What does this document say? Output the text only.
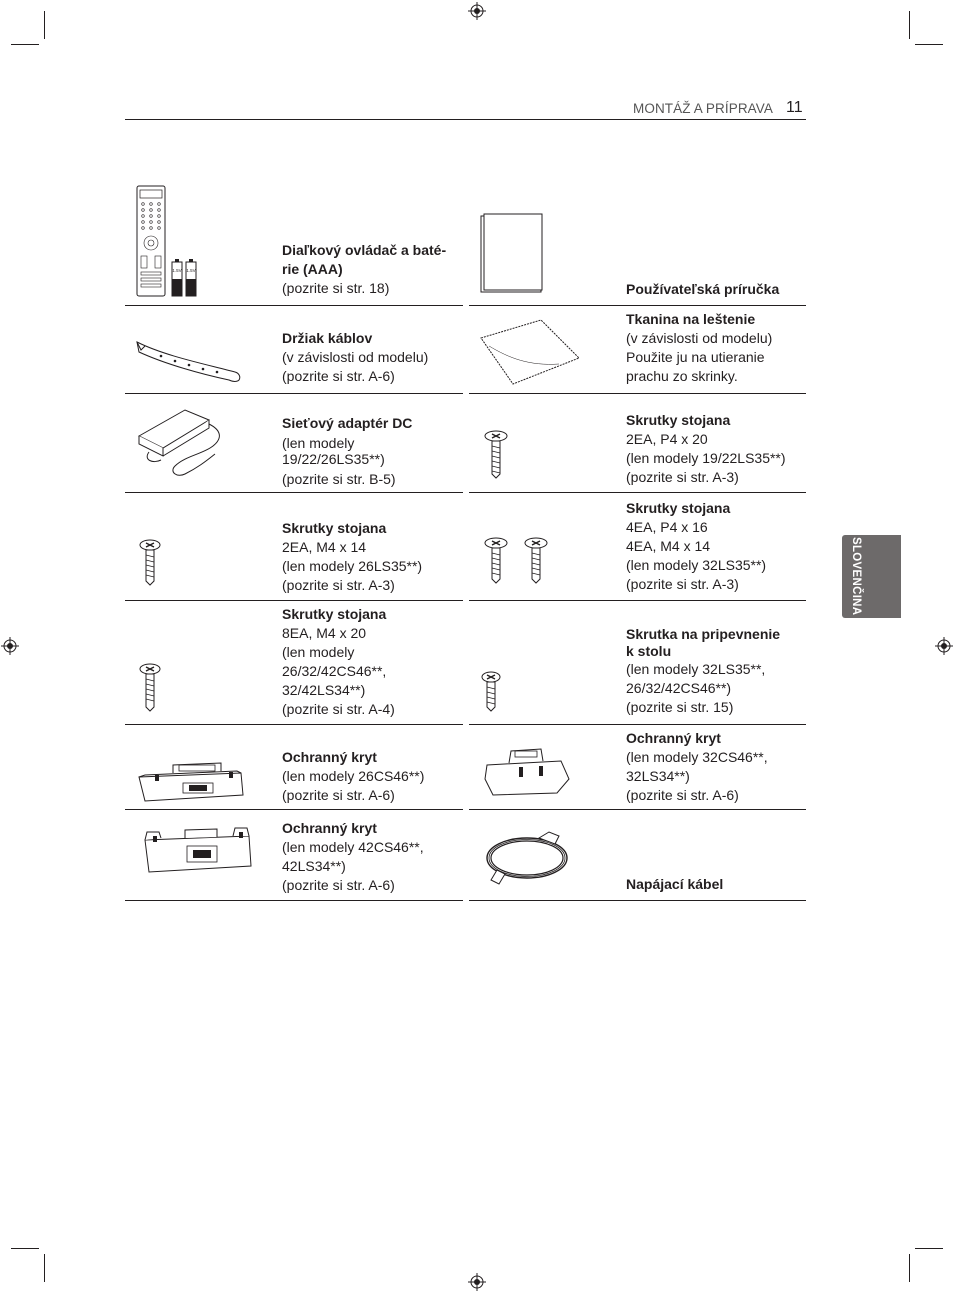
MONTÁŽ A PRÍPRAVA 11
SLOVENČINA
1.5V 1.5V
Diaľkový ovládač a baté-
rie (AAA)
(pozrite si str. 18)	Používateľská príručka
Držiak káblov
(v závislosti od modelu)
(pozrite si str. A-6)
Tkanina na leštenie
(v závislosti od modelu)
Použite ju na utieranie
prachu zo skrinky.
Sieťový adaptér DC
(len modely
19/22/26LS35**)
(pozrite si str. B-5)
Skrutky stojana
2EA, P4 x 20
(len modely 19/22LS35**)
(pozrite si str. A-3)
Skrutky stojana
2EA, M4 x 14
(len modely 26LS35**)
(pozrite si str. A-3)
Skrutky stojana
4EA, P4 x 16
4EA, M4 x 14
(len modely 32LS35**)
(pozrite si str. A-3)
Skrutky stojana
8EA, M4 x 20
(len modely
26/32/42CS46**,
32/42LS34**)
(pozrite si str. A-4)
Skrutka na pripevnenie
k stolu
(len modely 32LS35**,
26/32/42CS46**)
(pozrite si str. 15)
Ochranný kryt
(len modely 26CS46**)
(pozrite si str. A-6)
Ochranný kryt
(len modely 32CS46**,
32LS34**)
(pozrite si str. A-6)
Ochranný kryt
(len modely 42CS46**,
42LS34**)
(pozrite si str. A-6)	Napájací kábel
